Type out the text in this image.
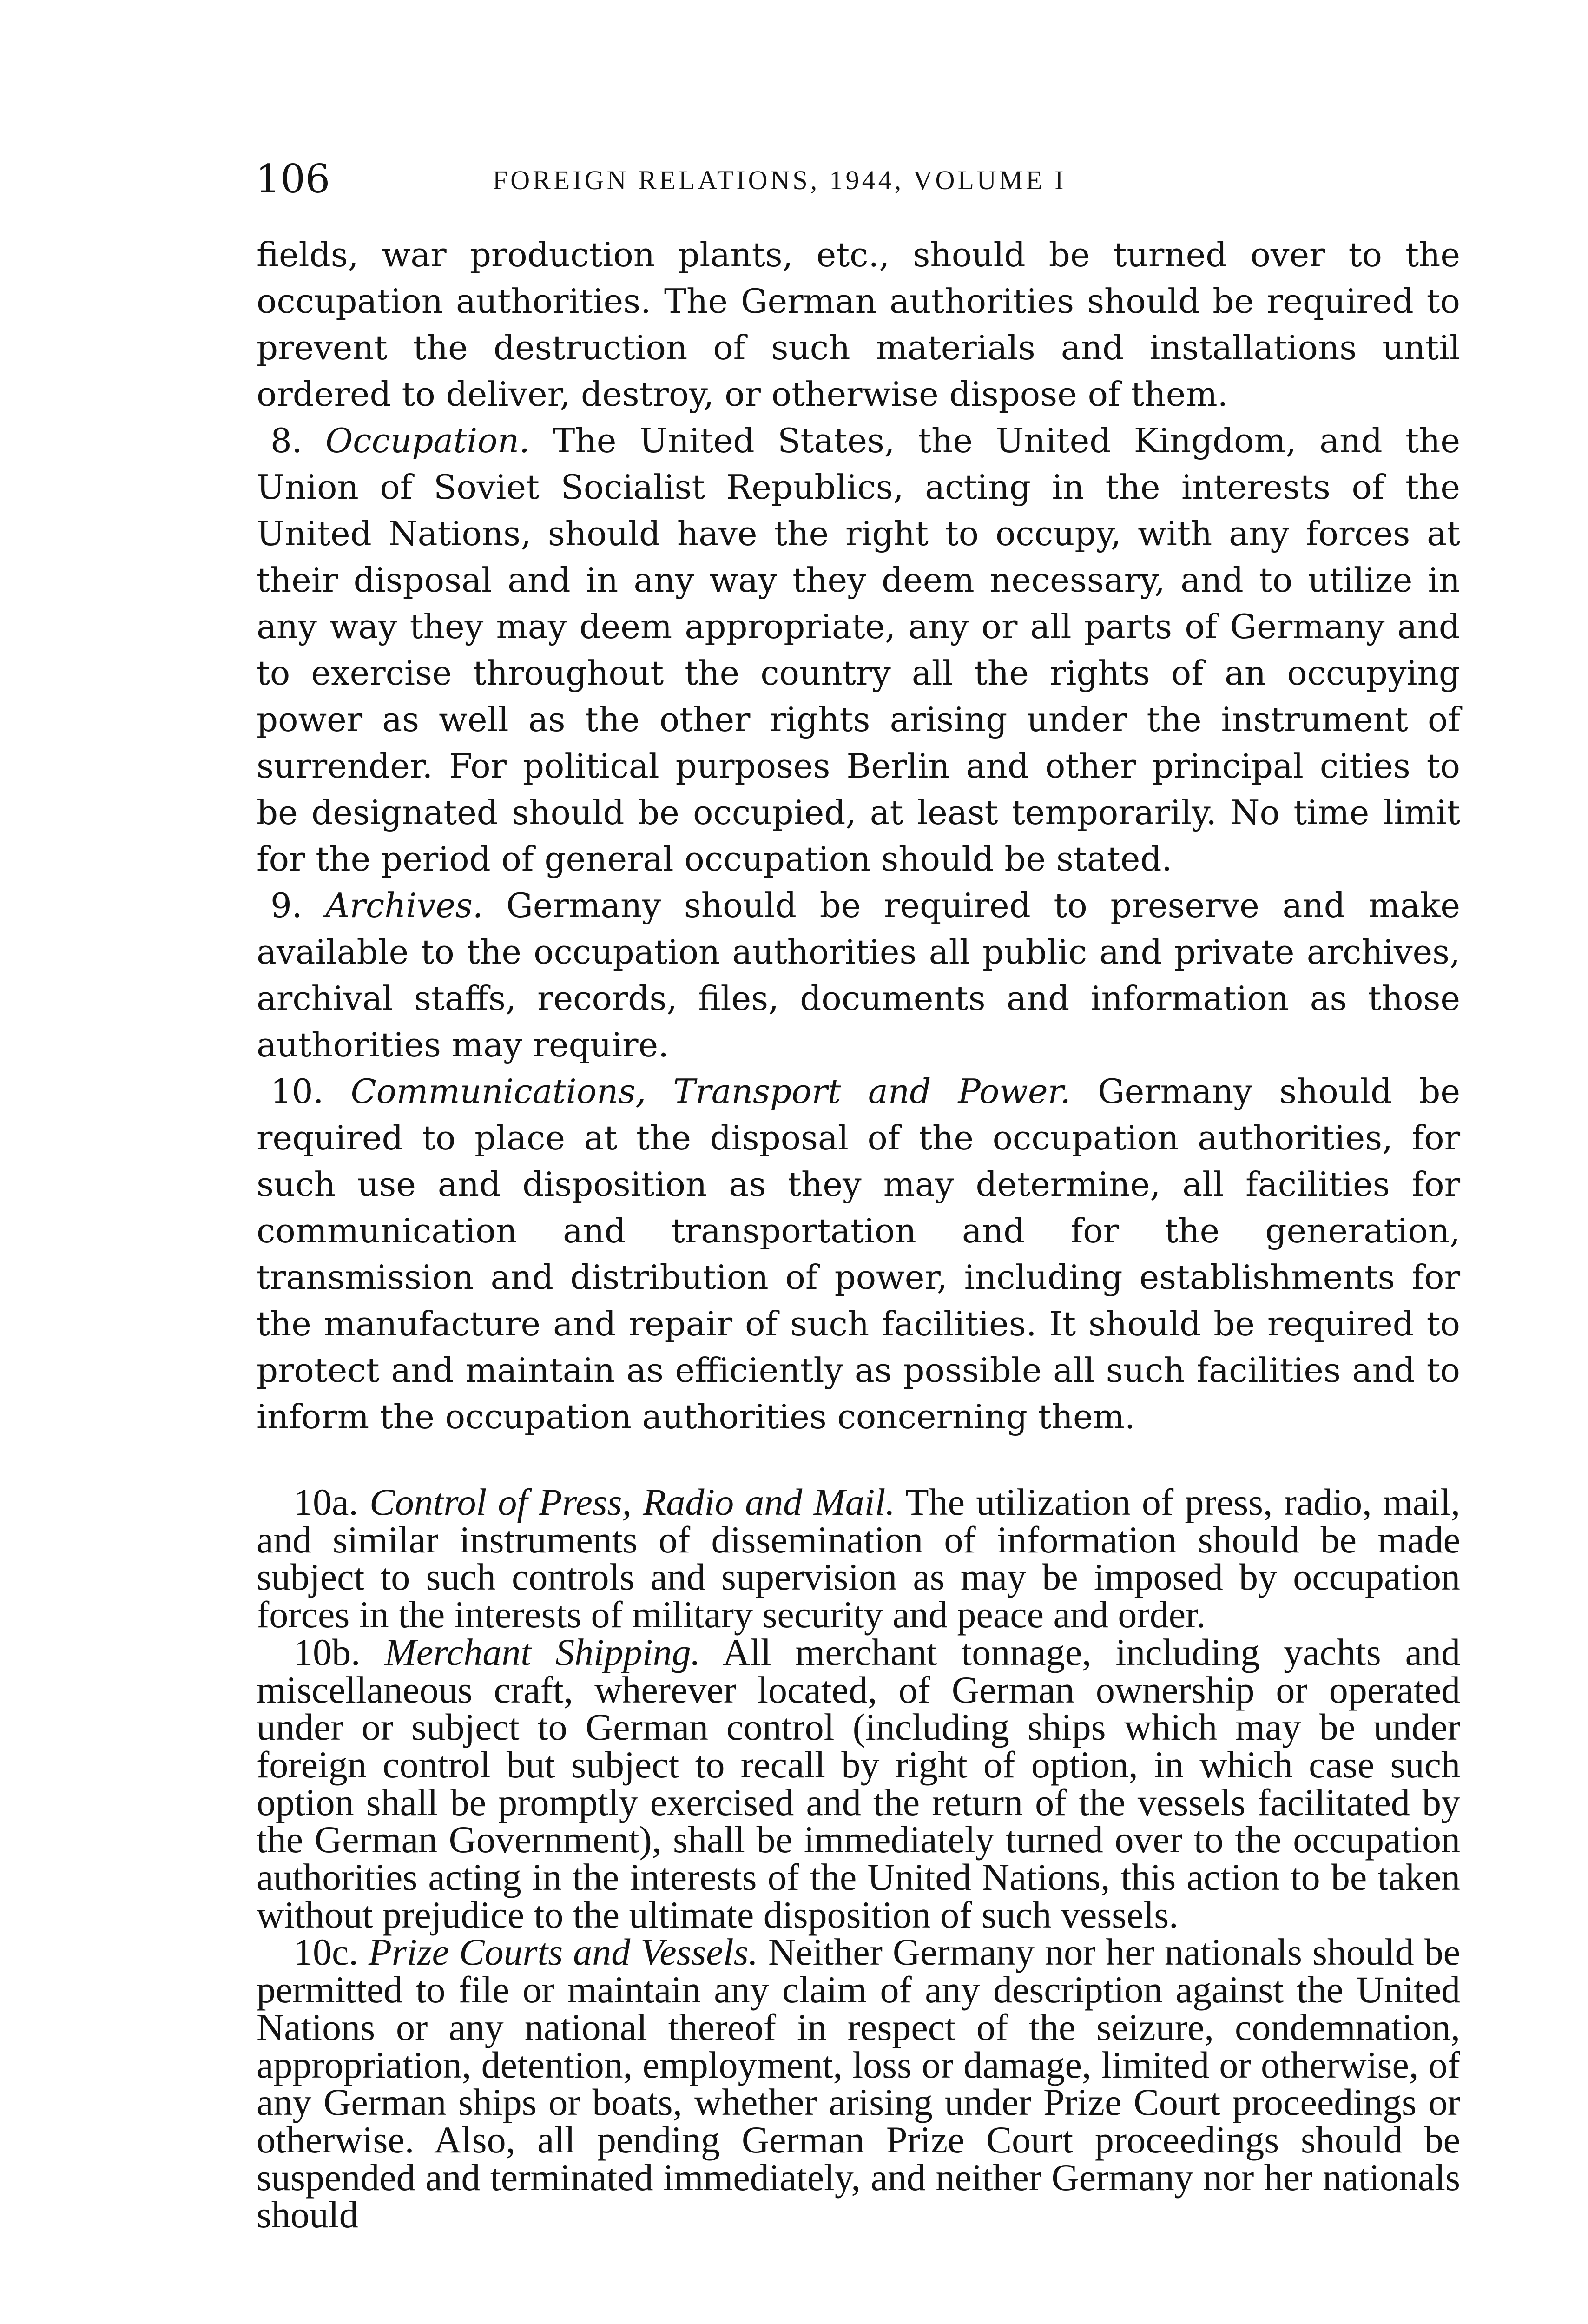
106	FOREIGN RELATIONS, 1944, VOLUME I

fields, war production plants, etc., should be turned over to the occupation authorities. The German authorities should be required to prevent the destruction of such materials and installations until ordered to deliver, destroy, or otherwise dispose of them.

8. Occupation. The United States, the United Kingdom, and the Union of Soviet Socialist Republics, acting in the interests of the United Nations, should have the right to occupy, with any forces at their disposal and in any way they deem necessary, and to utilize in any way they may deem appropriate, any or all parts of Germany and to exercise throughout the country all the rights of an occupying power as well as the other rights arising under the instrument of surrender. For political purposes Berlin and other principal cities to be designated should be occupied, at least temporarily. No time limit for the period of general occupation should be stated.

9. Archives. Germany should be required to preserve and make available to the occupation authorities all public and private archives, archival staffs, records, files, documents and information as those authorities may require.

10. Communications, Transport and Power. Germany should be required to place at the disposal of the occupation authorities, for such use and disposition as they may determine, all facilities for communication and transportation and for the generation, transmission and distribution of power, including establishments for the manufacture and repair of such facilities. It should be required to protect and maintain as efficiently as possible all such facilities and to inform the occupation authorities concerning them.

10a. Control of Press, Radio and Mail. The utilization of press, radio, mail, and similar instruments of dissemination of information should be made subject to such controls and supervision as may be imposed by occupation forces in the interests of military security and peace and order.

10b. Merchant Shipping. All merchant tonnage, including yachts and miscellaneous craft, wherever located, of German ownership or operated under or subject to German control (including ships which may be under foreign control but subject to recall by right of option, in which case such option shall be promptly exercised and the return of the vessels facilitated by the German Government), shall be immediately turned over to the occupation authorities acting in the interests of the United Nations, this action to be taken without prejudice to the ultimate disposition of such vessels.

10c. Prize Courts and Vessels. Neither Germany nor her nationals should be permitted to file or maintain any claim of any description against the United Nations or any national thereof in respect of the seizure, condemnation, appropriation, detention, employment, loss or damage, limited or otherwise, of any German ships or boats, whether arising under Prize Court proceedings or otherwise. Also, all pending German Prize Court proceedings should be suspended and terminated immediately, and neither Germany nor her nationals should
